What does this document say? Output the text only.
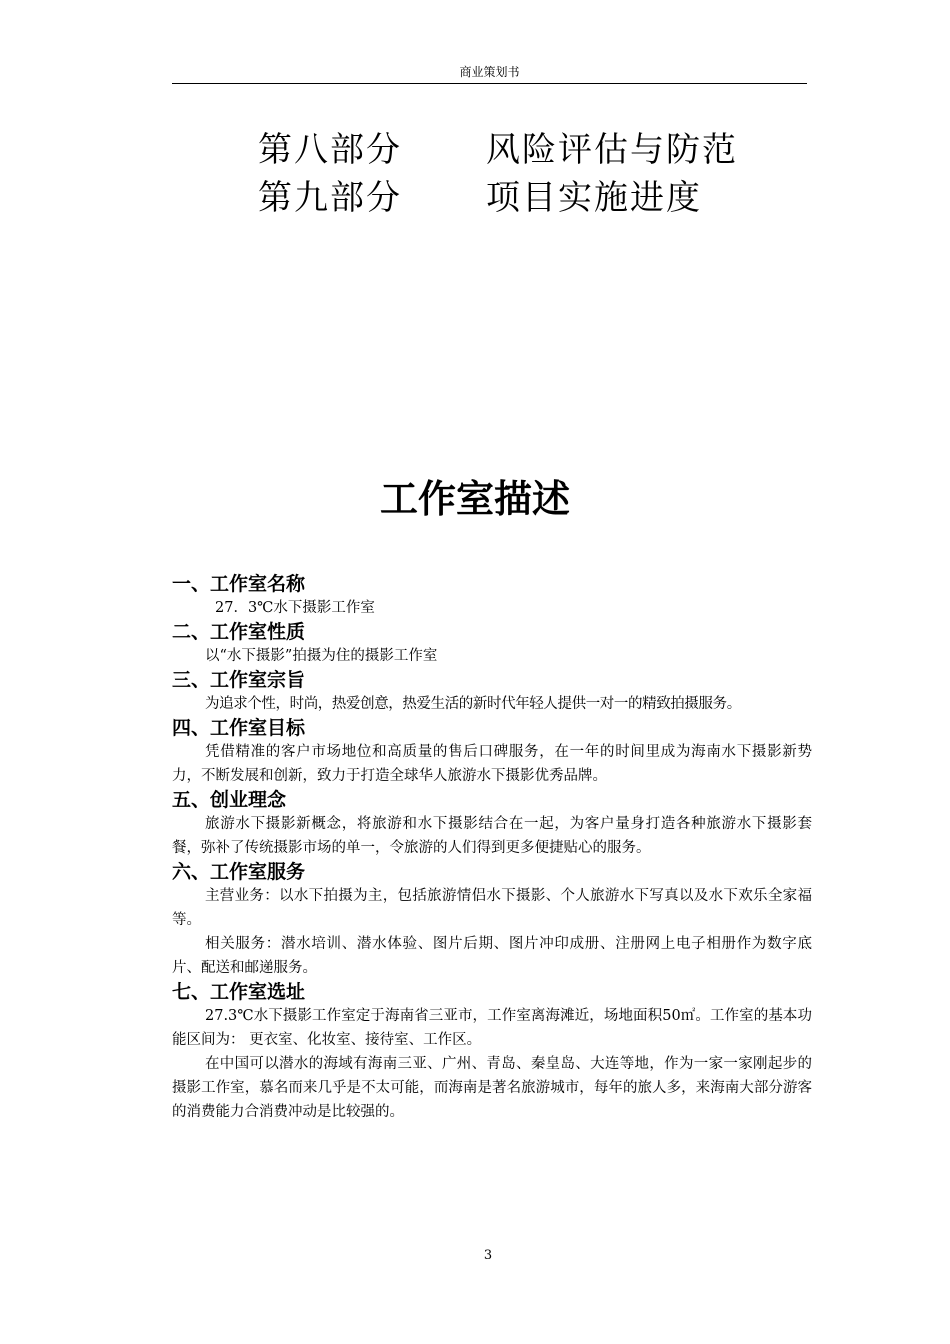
商业策划书
第八部分 风险评估与防范
第九部分 项目实施进度
工作室描述

一、工作室名称

27．3℃水下摄影工作室

二、工作室性质

以“水下摄影”拍摄为住的摄影工作室

三、工作室宗旨

为追求个性，时尚，热爱创意，热爱生活的新时代年轻人提供一对一的精致拍摄服务。

四、工作室目标

凭借精准的客户市场地位和高质量的售后口碑服务，在一年的时间里成为海南水下摄影新势力，不断发展和创新，致力于打造全球华人旅游水下摄影优秀品牌。

五、创业理念

旅游水下摄影新概念，将旅游和水下摄影结合在一起，为客户量身打造各种旅游水下摄影套餐，弥补了传统摄影市场的单一，令旅游的人们得到更多便捷贴心的服务。

六、工作室服务

主营业务：以水下拍摄为主，包括旅游情侣水下摄影、个人旅游水下写真以及水下欢乐全家福等。

相关服务：潜水培训、潜水体验、图片后期、图片冲印成册、注册网上电子相册作为数字底片、配送和邮递服务。

七、工作室选址

27.3℃水下摄影工作室定于海南省三亚市，工作室离海滩近，场地面积50㎡。工作室的基本功能区间为： 更衣室、化妆室、接待室、工作区。

在中国可以潜水的海域有海南三亚、广州、青岛、秦皇岛、大连等地，作为一家一家刚起步的摄影工作室，慕名而来几乎是不太可能，而海南是著名旅游城市，每年的旅人多，来海南大部分游客的消费能力合消费冲动是比较强的。

3
